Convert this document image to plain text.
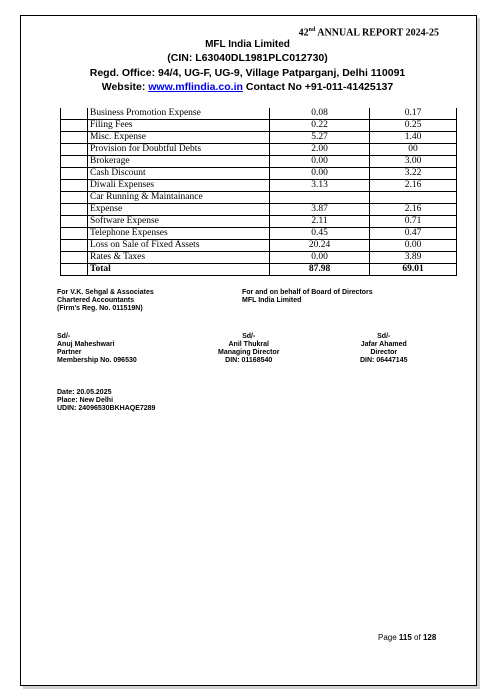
42nd ANNUAL REPORT 2024-25
MFL India Limited
(CIN: L63040DL1981PLC012730)
Regd. Office: 94/4, UG-F, UG-9, Village Patparganj, Delhi 110091
Website: www.mflindia.co.in Contact No +91-011-41425137
	Business Promotion Expense	0.08	0.17
	Filing Fees	0.22	0.25
	Misc. Expense	5.27	1.40
	Provision for Doubtful Debts	2.00	00
	Brokerage	0.00	3.00
	Cash Discount	0.00	3.22
	Diwali Expenses	3.13	2.16
	Car Running & Maintainance		
	Expense	3.87	2.16
	Software Expense	2.11	0.71
	Telephone Expenses	0.45	0.47
	Loss on Sale of Fixed Assets	20.24	0.00
	Rates & Taxes	0.00	3.89
	Total	87.98	69.01
For V.K. Sehgal & Associates
Chartered Accountants
(Firm's Reg. No. 011519N)
For and on behalf of Board of Directors
MFL India Limited
Sd/-
Anuj Maheshwari
Partner
Membership No. 096530
Sd/-
Anil Thukral
Managing Director
DIN: 01168540
Sd/-
Jafar Ahamed
Director
DIN: 06447145
Date: 20.05.2025
Place: New Delhi
UDIN: 24096530BKHAQE7289
Page 115 of 128
